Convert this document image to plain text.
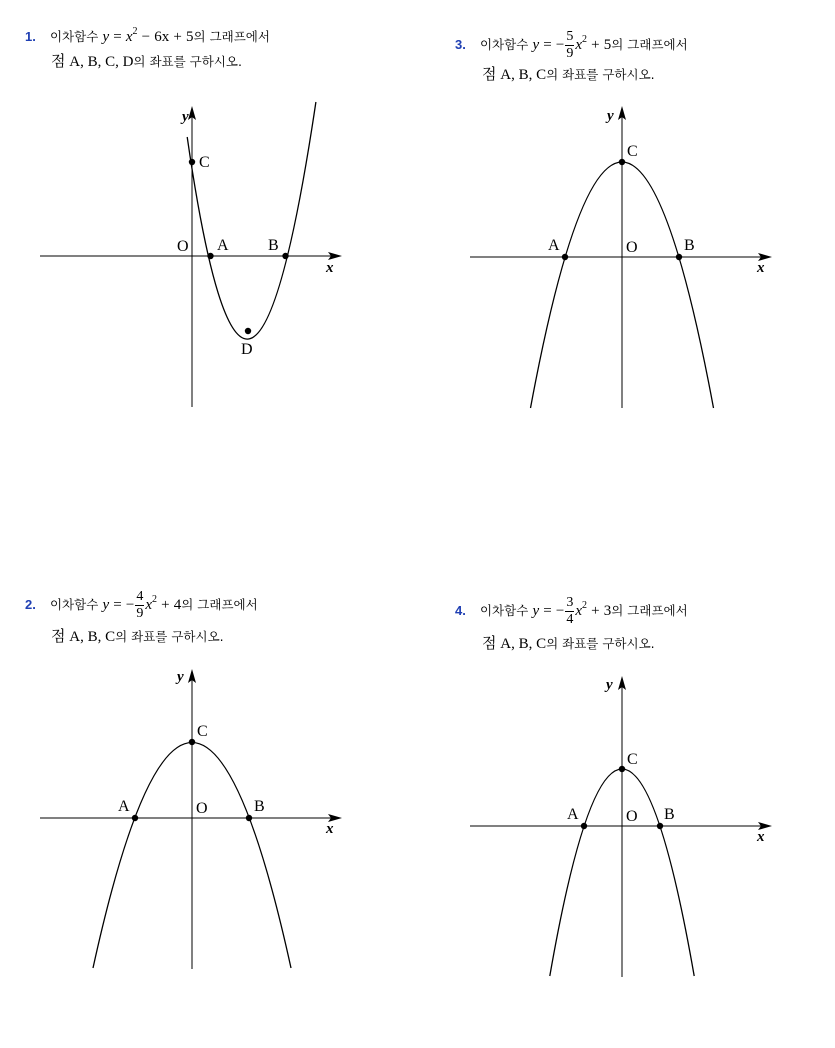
1. 이차함수 $y = x^2 - 6x + 5$의 그래프에서
점 A, B, C, D의 좌표를 구하시오.
y
x
O A B
C
D
3. 이차함수 y = − $\frac{5}{9} x^2 + 5$의 그래프에서
점 A, B, C의 좌표를 구하시오.
y
x
O
A	B
C
2. 이차함수 y = − $\frac{4}{9} x^2 + 4$의 그래프에서
점 A, B, C의 좌표를 구하시오.
y
x
O
A	B
C
4. 이차함수 y = − $\frac{3}{4} x^2 + 3$의 그래프에서
점 A, B, C의 좌표를 구하시오.
y
x
O
A	B
C
